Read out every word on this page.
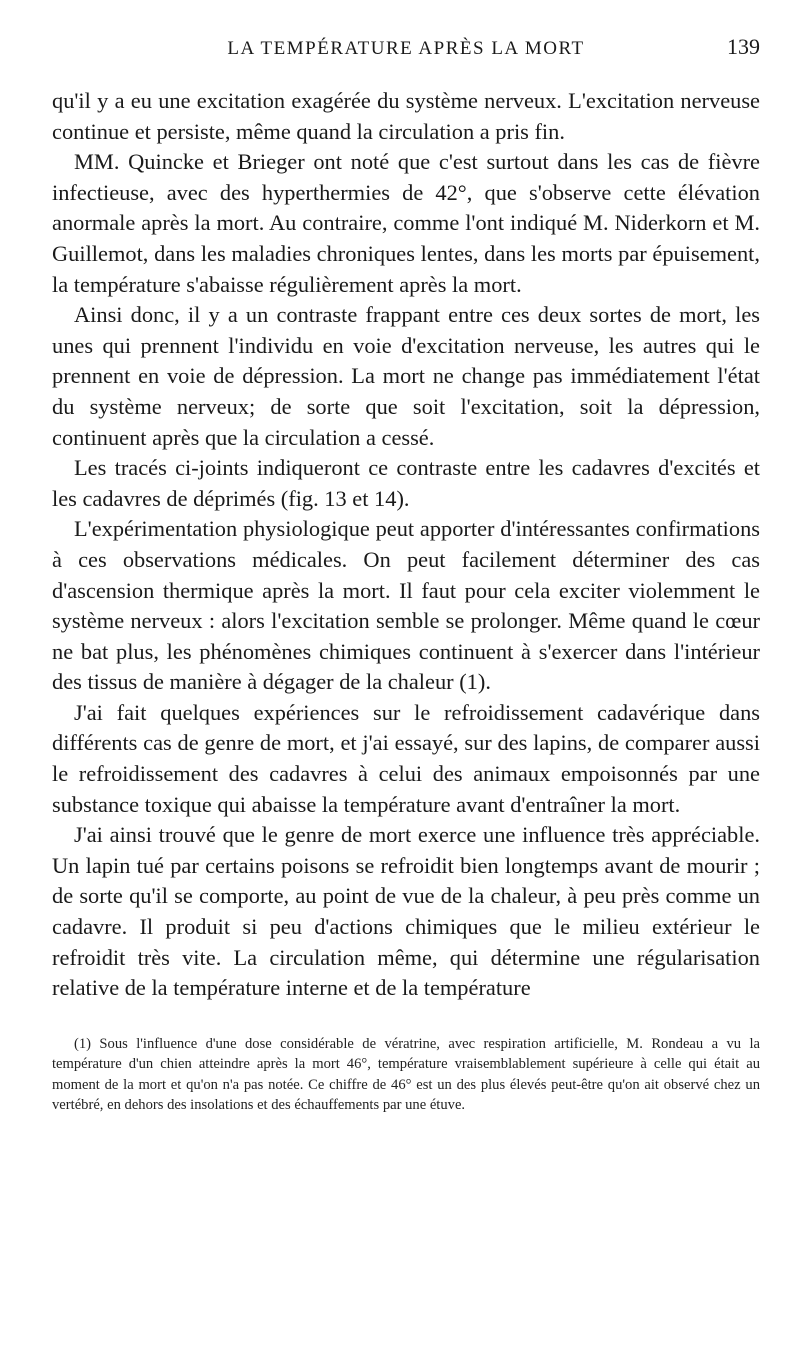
LA TEMPÉRATURE APRÈS LA MORT	139

qu'il y a eu une excitation exagérée du système nerveux. L'excitation nerveuse continue et persiste, même quand la circulation a pris fin.

MM. Quincke et Brieger ont noté que c'est surtout dans les cas de fièvre infectieuse, avec des hyperthermies de 42°, que s'observe cette élévation anormale après la mort. Au contraire, comme l'ont indiqué M. Niderkorn et M. Guillemot, dans les maladies chroniques lentes, dans les morts par épuisement, la température s'abaisse régulièrement après la mort.

Ainsi donc, il y a un contraste frappant entre ces deux sortes de mort, les unes qui prennent l'individu en voie d'excitation nerveuse, les autres qui le prennent en voie de dépression. La mort ne change pas immédiatement l'état du système nerveux; de sorte que soit l'excitation, soit la dépression, continuent après que la circulation a cessé.

Les tracés ci-joints indiqueront ce contraste entre les cadavres d'excités et les cadavres de déprimés (fig. 13 et 14).

L'expérimentation physiologique peut apporter d'intéressantes confirmations à ces observations médicales. On peut facilement déterminer des cas d'ascension thermique après la mort. Il faut pour cela exciter violemment le système nerveux : alors l'excitation semble se prolonger. Même quand le cœur ne bat plus, les phénomènes chimiques continuent à s'exercer dans l'intérieur des tissus de manière à dégager de la chaleur (1).

J'ai fait quelques expériences sur le refroidissement cadavérique dans différents cas de genre de mort, et j'ai essayé, sur des lapins, de comparer aussi le refroidissement des cadavres à celui des animaux empoisonnés par une substance toxique qui abaisse la température avant d'entraîner la mort.

J'ai ainsi trouvé que le genre de mort exerce une influence très appréciable. Un lapin tué par certains poisons se refroidit bien longtemps avant de mourir ; de sorte qu'il se comporte, au point de vue de la chaleur, à peu près comme un cadavre. Il produit si peu d'actions chimiques que le milieu extérieur le refroidit très vite. La circulation même, qui détermine une régularisation relative de la température interne et de la température

(1) Sous l'influence d'une dose considérable de vératrine, avec respiration artificielle, M. Rondeau a vu la température d'un chien atteindre après la mort 46°, température vraisemblablement supérieure à celle qui était au moment de la mort et qu'on n'a pas notée. Ce chiffre de 46° est un des plus élevés peut-être qu'on ait observé chez un vertébré, en dehors des insolations et des échauffements par une étuve.
